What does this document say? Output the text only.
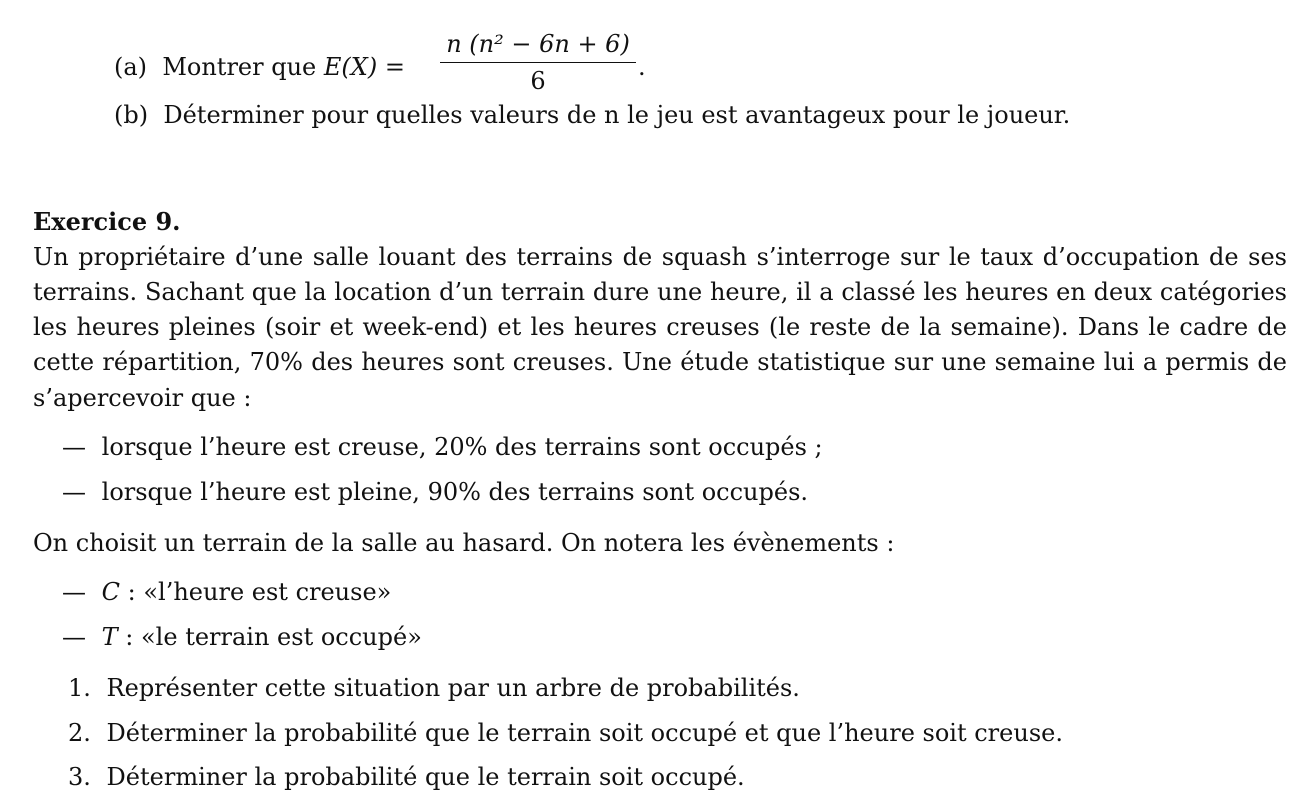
(a) Montrer que E(X) =
n (n² − 6n + 6)
6	.
(b) Déterminer pour quelles valeurs de n le jeu est avantageux pour le joueur.
Exercice 9.
Un propriétaire d’une salle louant des terrains de squash s’interroge sur le taux d’occupation de ses
terrains. Sachant que la location d’un terrain dure une heure, il a classé les heures en deux catégories
les heures pleines (soir et week-end) et les heures creuses (le reste de la semaine). Dans le cadre de
cette répartition, 70% des heures sont creuses. Une étude statistique sur une semaine lui a permis de
s’apercevoir que :
— lorsque l’heure est creuse, 20% des terrains sont occupés ;
— lorsque l’heure est pleine, 90% des terrains sont occupés.
On choisit un terrain de la salle au hasard. On notera les évènements :
— C : «l’heure est creuse»
— T : «le terrain est occupé»
1. Représenter cette situation par un arbre de probabilités.
2. Déterminer la probabilité que le terrain soit occupé et que l’heure soit creuse.
3. Déterminer la probabilité que le terrain soit occupé.
